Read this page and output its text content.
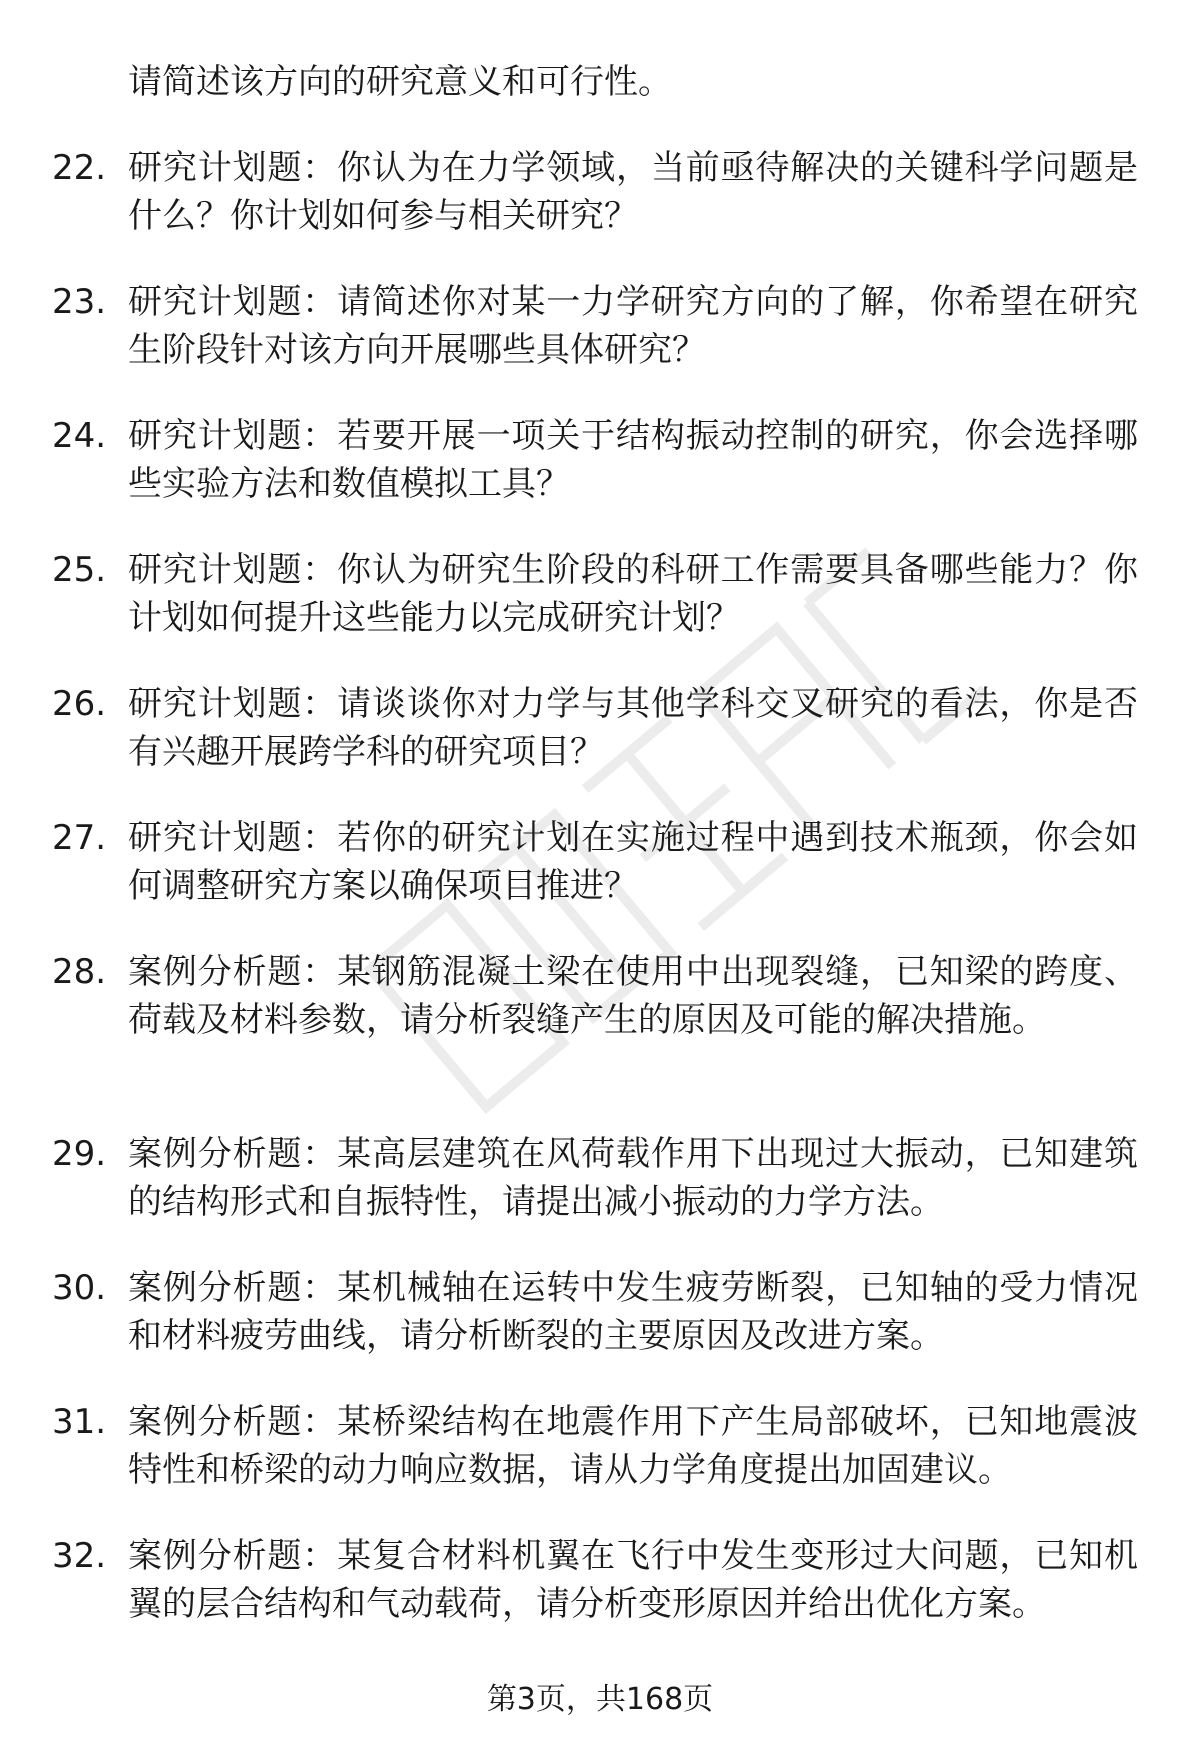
请简述该方向的研究意义和可行性。
22. 研究计划题：你认为在力学领域，当前亟待解决的关键科学问题是什么？你计划如何参与相关研究？
23. 研究计划题：请简述你对某一力学研究方向的了解，你希望在研究生阶段针对该方向开展哪些具体研究？
24. 研究计划题：若要开展一项关于结构振动控制的研究，你会选择哪些实验方法和数值模拟工具？
25. 研究计划题：你认为研究生阶段的科研工作需要具备哪些能力？你计划如何提升这些能力以完成研究计划？
26. 研究计划题：请谈谈你对力学与其他学科交叉研究的看法，你是否有兴趣开展跨学科的研究项目？
27. 研究计划题：若你的研究计划在实施过程中遇到技术瓶颈，你会如何调整研究方案以确保项目推进？
28. 案例分析题：某钢筋混凝土梁在使用中出现裂缝，已知梁的跨度、荷载及材料参数，请分析裂缝产生的原因及可能的解决措施。
29. 案例分析题：某高层建筑在风荷载作用下出现过大振动，已知建筑的结构形式和自振特性，请提出减小振动的力学方法。
30. 案例分析题：某机械轴在运转中发生疲劳断裂，已知轴的受力情况和材料疲劳曲线，请分析断裂的主要原因及改进方案。
31. 案例分析题：某桥梁结构在地震作用下产生局部破坏，已知地震波特性和桥梁的动力响应数据，请从力学角度提出加固建议。
32. 案例分析题：某复合材料机翼在飞行中发生变形过大问题，已知机翼的层合结构和气动载荷，请分析变形原因并给出优化方案。
第3页，共168页
